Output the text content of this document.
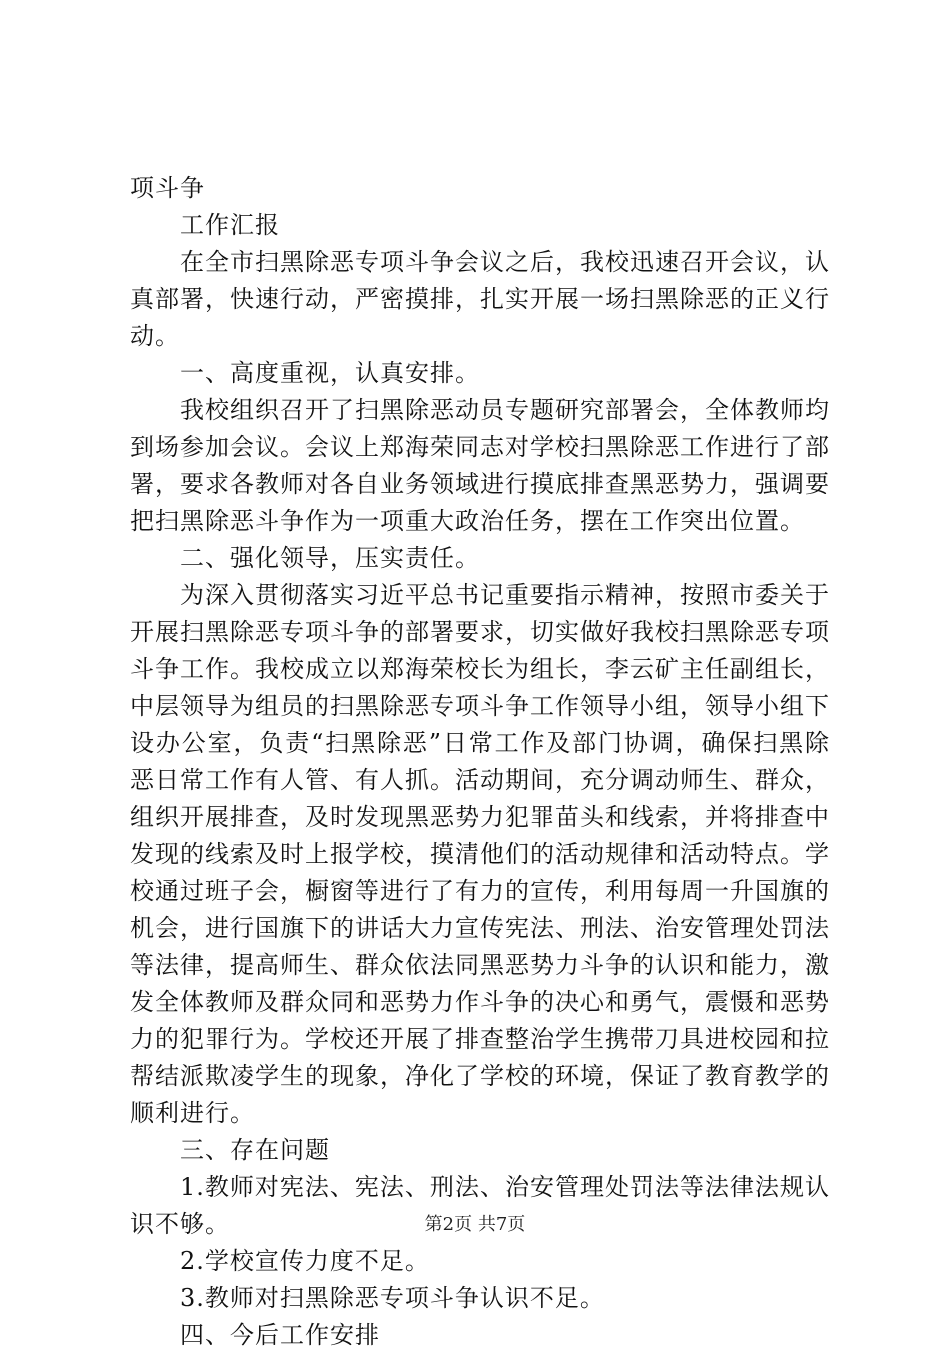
项斗争

工作汇报

在全市扫黑除恶专项斗争会议之后，我校迅速召开会议，认真部署，快速行动，严密摸排，扎实开展一场扫黑除恶的正义行动。

一、高度重视，认真安排。

我校组织召开了扫黑除恶动员专题研究部署会，全体教师均到场参加会议。会议上郑海荣同志对学校扫黑除恶工作进行了部署，要求各教师对各自业务领域进行摸底排查黑恶势力，强调要把扫黑除恶斗争作为一项重大政治任务，摆在工作突出位置。

二、强化领导，压实责任。

为深入贯彻落实习近平总书记重要指示精神，按照市委关于开展扫黑除恶专项斗争的部署要求，切实做好我校扫黑除恶专项斗争工作。我校成立以郑海荣校长为组长，李云矿主任副组长，中层领导为组员的扫黑除恶专项斗争工作领导小组，领导小组下设办公室，负责“扫黑除恶”日常工作及部门协调，确保扫黑除恶日常工作有人管、有人抓。活动期间，充分调动师生、群众，组织开展排查，及时发现黑恶势力犯罪苗头和线索，并将排查中发现的线索及时上报学校，摸清他们的活动规律和活动特点。学校通过班子会，橱窗等进行了有力的宣传，利用每周一升国旗的机会，进行国旗下的讲话大力宣传宪法、刑法、治安管理处罚法等法律，提高师生、群众依法同黑恶势力斗争的认识和能力，激发全体教师及群众同和恶势力作斗争的决心和勇气，震慑和恶势力的犯罪行为。学校还开展了排查整治学生携带刀具进校园和拉帮结派欺凌学生的现象，净化了学校的环境，保证了教育教学的顺利进行。

三、存在问题

1.教师对宪法、宪法、刑法、治安管理处罚法等法律法规认识不够。

2.学校宣传力度不足。

3.教师对扫黑除恶专项斗争认识不足。

四、今后工作安排

第2页 共7页
